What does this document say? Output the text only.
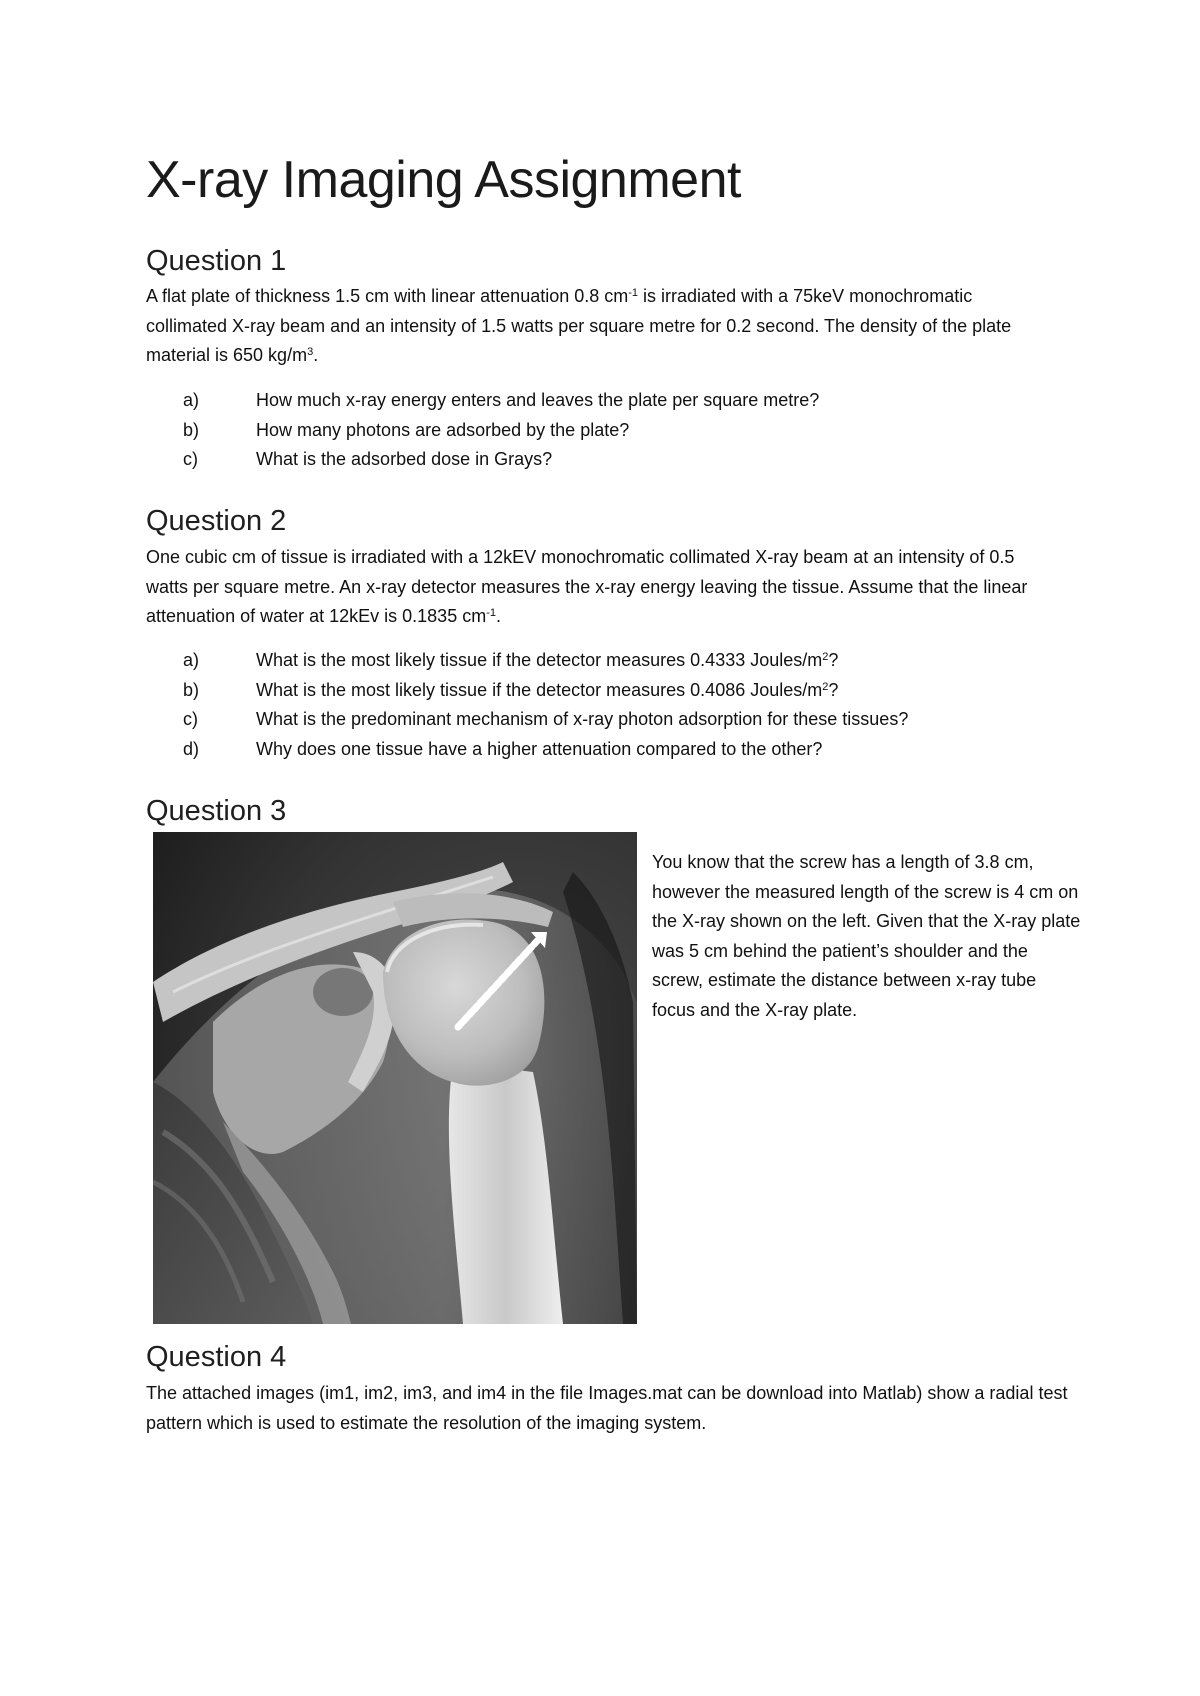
X-ray Imaging Assignment
Question 1

A flat plate of thickness 1.5 cm with linear attenuation 0.8 $cm^{-1}$ is irradiated with a 75keV monochromatic collimated X-ray beam and an intensity of 1.5 watts per square metre for 0.2 second. The density of the plate material is 650 $kg/m^3$.

a)	How much x-ray energy enters and leaves the plate per square metre?
b)	How many photons are adsorbed by the plate?
c)	What is the adsorbed dose in Grays?
Question 2

One cubic cm of tissue is irradiated with a 12kEV monochromatic collimated X-ray beam at an intensity of 0.5 watts per square metre. An x-ray detector measures the x-ray energy leaving the tissue. Assume that the linear attenuation of water at 12kEv is 0.1835 $cm^{-1}$.

a)	What is the most likely tissue if the detector measures 0.4333 Joules/$m^2$?
b)	What is the most likely tissue if the detector measures 0.4086 Joules/$m^2$?
c)	What is the predominant mechanism of x-ray photon adsorption for these tissues?
d)	Why does one tissue have a higher attenuation compared to the other?
Question 3

You know that the screw has a length of 3.8 cm, however the measured length of the screw is 4 cm on the X-ray shown on the left. Given that the X-ray plate was 5 cm behind the patient’s shoulder and the screw, estimate the distance between x-ray tube focus and the X-ray plate.

Question 4

The attached images (im1, im2, im3, and im4 in the file Images.mat can be download into Matlab) show a radial test pattern which is used to estimate the resolution of the imaging system.
